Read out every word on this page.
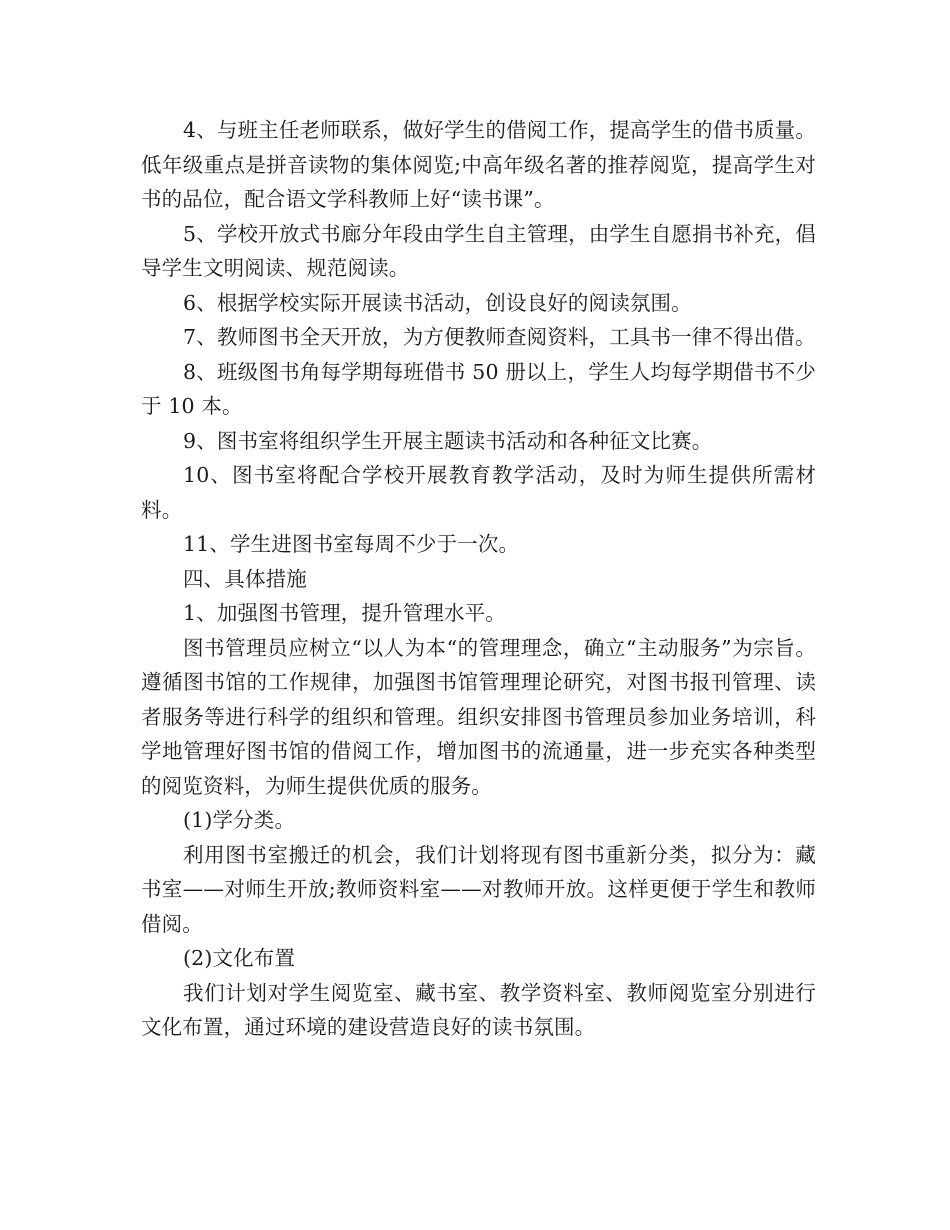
4、与班主任老师联系，做好学生的借阅工作，提高学生的借书质量。低年级重点是拼音读物的集体阅览;中高年级名著的推荐阅览，提高学生对书的品位，配合语文学科教师上好“读书课”。

5、学校开放式书廊分年段由学生自主管理，由学生自愿捐书补充，倡导学生文明阅读、规范阅读。

6、根据学校实际开展读书活动，创设良好的阅读氛围。

7、教师图书全天开放，为方便教师查阅资料，工具书一律不得出借。

8、班级图书角每学期每班借书 50 册以上，学生人均每学期借书不少于 10 本。

9、图书室将组织学生开展主题读书活动和各种征文比赛。

10、图书室将配合学校开展教育教学活动，及时为师生提供所需材料。

11、学生进图书室每周不少于一次。

四、具体措施

1、加强图书管理，提升管理水平。

图书管理员应树立“以人为本“的管理理念，确立“主动服务”为宗旨。遵循图书馆的工作规律，加强图书馆管理理论研究，对图书报刊管理、读者服务等进行科学的组织和管理。组织安排图书管理员参加业务培训，科学地管理好图书馆的借阅工作，增加图书的流通量，进一步充实各种类型的阅览资料，为师生提供优质的服务。

(1)学分类。

利用图书室搬迁的机会，我们计划将现有图书重新分类，拟分为：藏书室——对师生开放;教师资料室——对教师开放。这样更便于学生和教师借阅。

(2)文化布置

我们计划对学生阅览室、藏书室、教学资料室、教师阅览室分别进行文化布置，通过环境的建设营造良好的读书氛围。
